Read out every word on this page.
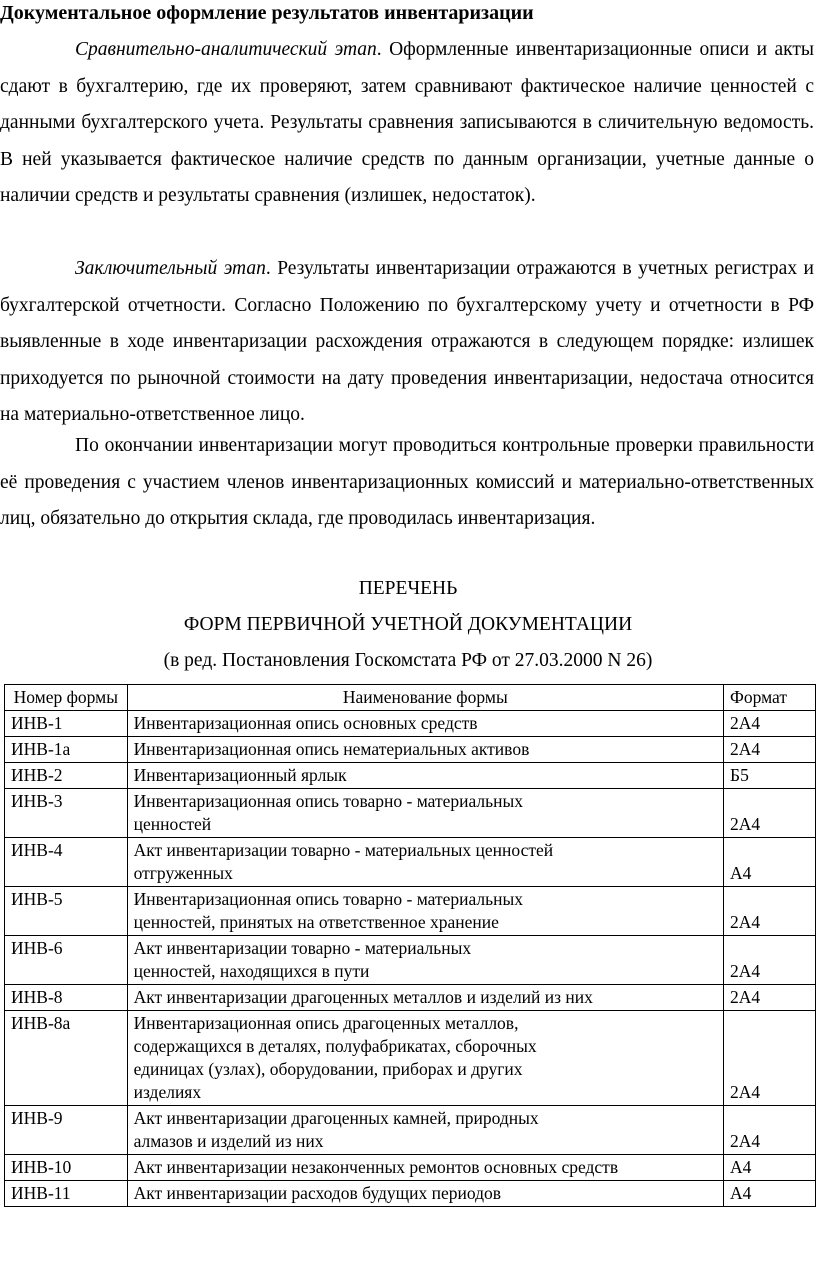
Документальное оформление результатов инвентаризации

Сравнительно-аналитический этап. Оформленные инвентаризационные описи и акты сдают в бухгалтерию, где их проверяют, затем сравнивают фактическое наличие ценностей с данными бухгалтерского учета. Результаты сравнения записываются в сличительную ведомость. В ней указывается фактическое наличие средств по данным организации, учетные данные о наличии средств и результаты сравнения (излишек, недостаток).

Заключительный этап. Результаты инвентаризации отражаются в учетных регистрах и бухгалтерской отчетности. Согласно Положению по бухгалтерскому учету и отчетности в РФ выявленные в ходе инвентаризации расхождения отражаются в следующем порядке: излишек приходуется по рыночной стоимости на дату проведения инвентаризации, недостача относится на материально-ответственное лицо.

По окончании инвентаризации могут проводиться контрольные проверки правильности её проведения с участием членов инвентаризационных комиссий и материально-ответственных лиц, обязательно до открытия склада, где проводилась инвентаризация.

ПЕРЕЧЕНЬ

ФОРМ ПЕРВИЧНОЙ УЧЕТНОЙ ДОКУМЕНТАЦИИ

(в ред. Постановления Госкомстата РФ от 27.03.2000 N 26)

Номер формы	Наименование формы	Формат
ИНВ-1	Инвентаризационная опись основных средств	2А4
ИНВ-1а	Инвентаризационная опись нематериальных активов	2А4
ИНВ-2	Инвентаризационный ярлык	Б5
ИНВ-3	Инвентаризационная опись товарно - материальных
ценностей	2А4
ИНВ-4	Акт инвентаризации товарно - материальных ценностей
отгруженных	А4
ИНВ-5	Инвентаризационная опись товарно - материальных
ценностей, принятых на ответственное хранение	2А4
ИНВ-6	Акт инвентаризации товарно - материальных
ценностей, находящихся в пути	2А4
ИНВ-8	Акт инвентаризации драгоценных металлов и изделий из них	2А4
ИНВ-8а	Инвентаризационная опись драгоценных металлов,
содержащихся в деталях, полуфабрикатах, сборочных
единицах (узлах), оборудовании, приборах и других
изделиях	2А4
ИНВ-9	Акт инвентаризации драгоценных камней, природных
алмазов и изделий из них	2А4
ИНВ-10	Акт инвентаризации незаконченных ремонтов основных средств	А4
ИНВ-11	Акт инвентаризации расходов будущих периодов	А4
